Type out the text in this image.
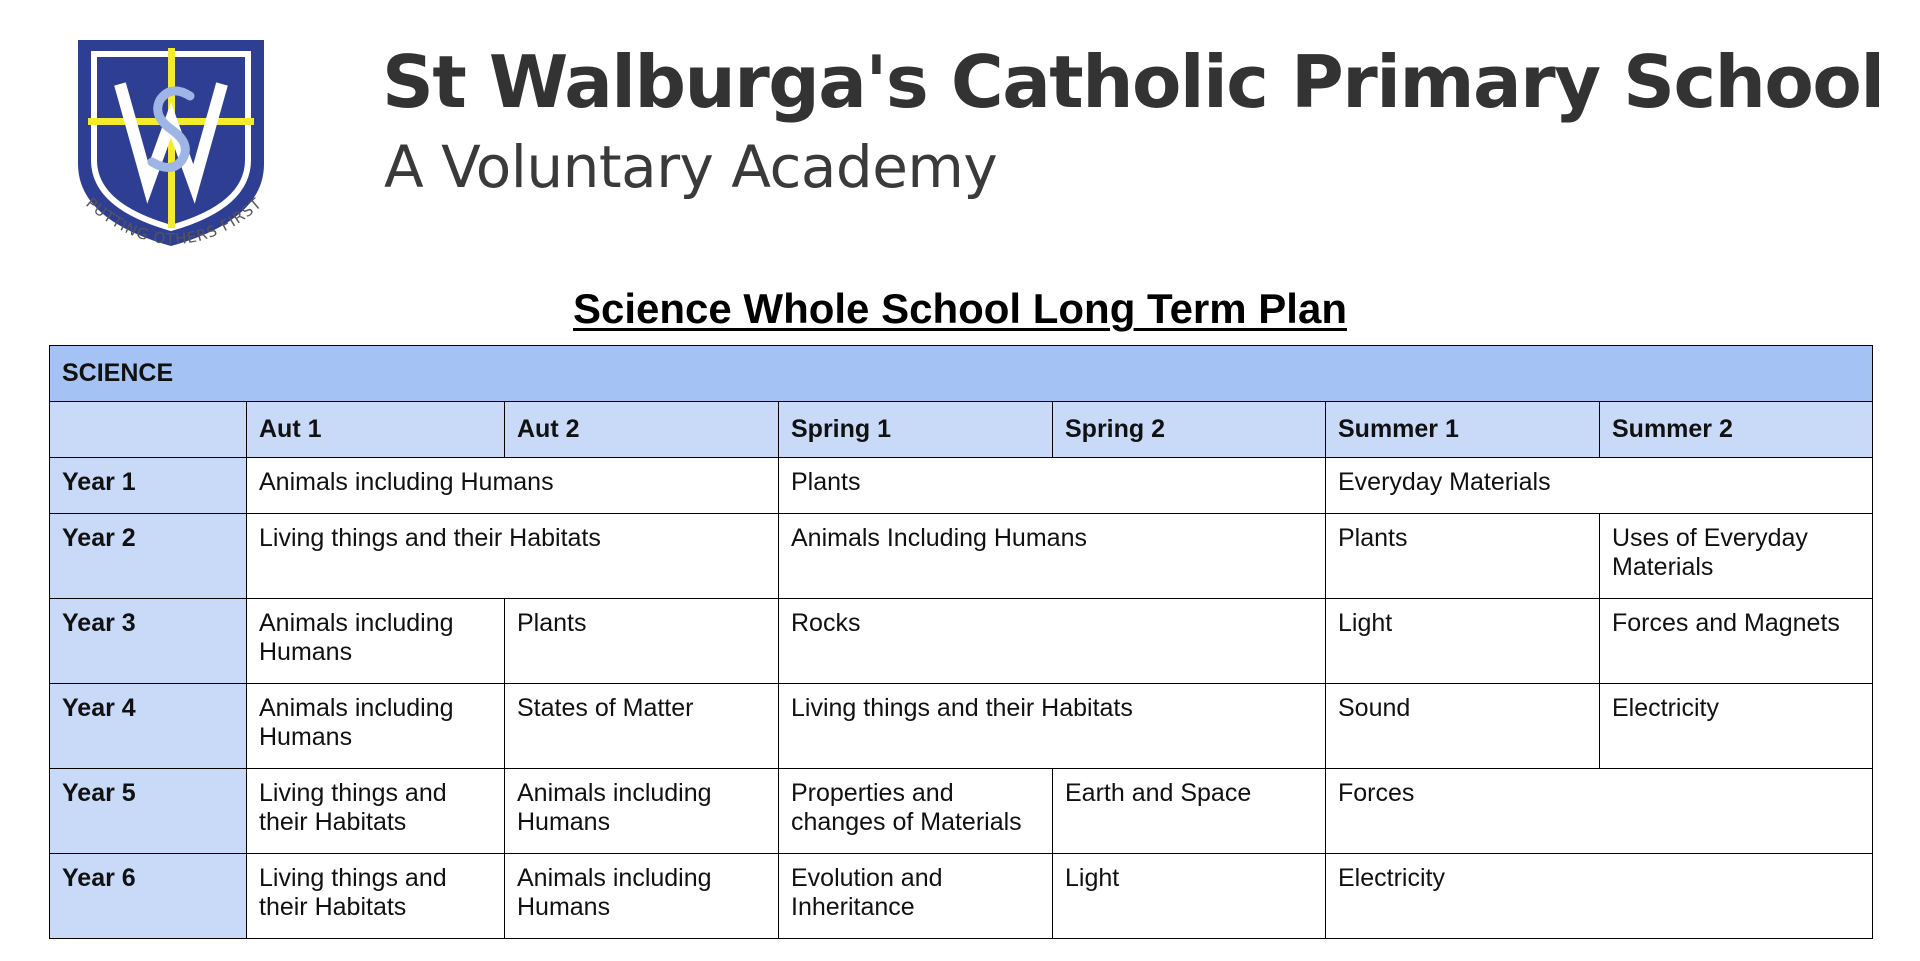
PUTTING OTHERS FIRST
St Walburga's Catholic Primary School
A Voluntary Academy
Science Whole School Long Term Plan
SCIENCE						
	Aut 1	Aut 2	Spring 1	Spring 2	Summer 1	Summer 2
Year 1	Animals including Humans		Plants		Everyday Materials	
Year 2	Living things and their Habitats		Animals Including Humans		Plants	Uses of Everyday Materials
Year 3	Animals including Humans	Plants	Rocks		Light	Forces and Magnets
Year 4	Animals including Humans	States of Matter	Living things and their Habitats		Sound	Electricity
Year 5	Living things and their Habitats	Animals including Humans	Properties and changes of Materials	Earth and Space	Forces	
Year 6	Living things and their Habitats	Animals including Humans	Evolution and Inheritance	Light	Electricity	
